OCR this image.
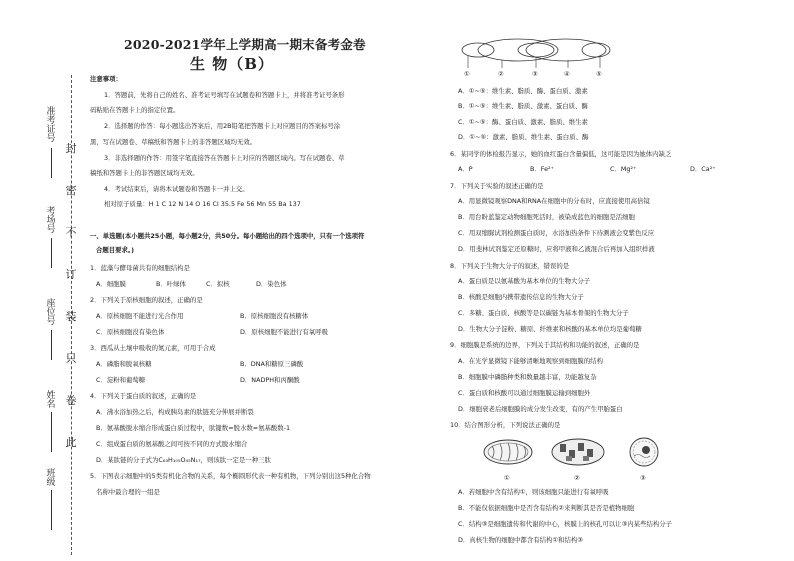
封
密
不
订
装
只
卷
此
准考证号
考场号
座位号
姓名
班级
2020-2021学年上学期高一期末备考金卷
生 物（B）
注意事项：
1．答题前，先将自己的姓名、准考证号填写在试题卷和答题卡上，并将准考证号条形
码粘贴在答题卡上的指定位置。
2．选择题的作答：每小题选出答案后，用2B铅笔把答题卡上对应题目的答案标号涂
黑，写在试题卷、草稿纸和答题卡上的非答题区域均无效。
3．非选择题的作答：用签字笔直接答在答题卡上对应的答题区域内。写在试题卷、草
稿纸和答题卡上的非答题区域均无效。
4．考试结束后，请将本试题卷和答题卡一并上交。
相对原子质量：H 1 C 12 N 14 O 16 Cl 35.5 Fe 56 Mn 55 Ba 137
一、单选题(本小题共25小题，每小题2分，共50分。每小题给出的四个选项中，只有一个选项符
合题目要求。)
1．蓝藻与酵母菌共有的细胞结构是
A．细胞膜	B．叶绿体	C．拟核	D．染色体
2．下列关于原核细胞的叙述，正确的是
A．原核细胞不能进行光合作用	B．原核细胞没有核糖体
C．原核细胞没有染色体	D．原核细胞不能进行有氧呼吸
3．西瓜从土壤中吸收的氮元素，可用于合成
A．磷脂和脱氧核糖	B．DNA和糖原三磷酸
C．淀粉和葡萄糖	D．NADPH和丙酮酸
4．下列关于蛋白质的叙述，正确的是
A．沸水浴加热之后，构成胰岛素的肽链充分伸展并断裂
B．氨基酸脱水缩合形成蛋白质过程中，肽键数=脱水数=氨基酸数-1
C．组成蛋白质的氨基酸之间可按不同的方式脱水缩合
D．某肽链的分子式为C₆₃H₁₀₅O₄₅N₁₇，则该肽一定是一种三肽
5．下图表示细胞中的5类有机化合物的关系，每个椭圆形代表一种有机物，下列分别出这5种化合物
名称中最合理的一组是
①	②	③	④	⑤
A．①~⑤：维生素、脂质、酶、蛋白质、激素
B．①~⑤：维生素、脂质、激素、蛋白质、酶
C．①~⑤：酶、蛋白质、激素、脂质、维生素
D．①~⑤：激素、脂质、维生素、蛋白质、酶
6．某同学的体检报告显示，她的血红蛋白含量偏低，这可能是因为她体内缺乏
A．P	B．Fe²⁺	C．Mg²⁺	D．Ca²⁺
7．下列关于实验的叙述正确的是
A．用显微镜观察DNA和RNA在细胞中的分布时，应直接使用高倍镜
B．用台盼蓝鉴定动物细胞死活时，被染成蓝色的细胞是活细胞
C．用双缩脲试剂检测蛋白质时，水浴加热条件下待测液会变紫色反应
D．用斐林试剂鉴定还原糖时，应将甲液和乙液混合后再加入组织样液
8．下列关于生物大分子的叙述，错误的是
A．蛋白质是以氨基酸为基本单位的生物大分子
B．核酸是细胞内携带遗传信息的生物大分子
C．多糖、蛋白质、核酸等是以碳链为基本骨架的生物大分子
D．生物大分子淀粉、糖原、纤维素和核酸的基本单位均是葡萄糖
9．细胞膜是系统的边界，下列关于其结构和功能的叙述，正确的是
A．在光学显微镜下能够清晰地观察到细胞膜的结构
B．细胞膜中磷脂种类和数量越丰富，功能越复杂
C．蛋白质和核酸可以通过细胞膜运输到细胞外
D．细胞衰老后细胞膜的成分发生改变，有的产生甲胎蛋白
10．结合图形分析，下列说法正确的是
①	②	③
A．若细胞中含有结构①，则该细胞只能进行有氧呼吸
B．不能仅依据细胞中是否含有结构②来判断其是否是植物细胞
C．结构③是细胞遗传和代谢的中心，核膜上的核孔可以让③内某些结构分子
D．真核生物的细胞中都含有结构①和结构③
